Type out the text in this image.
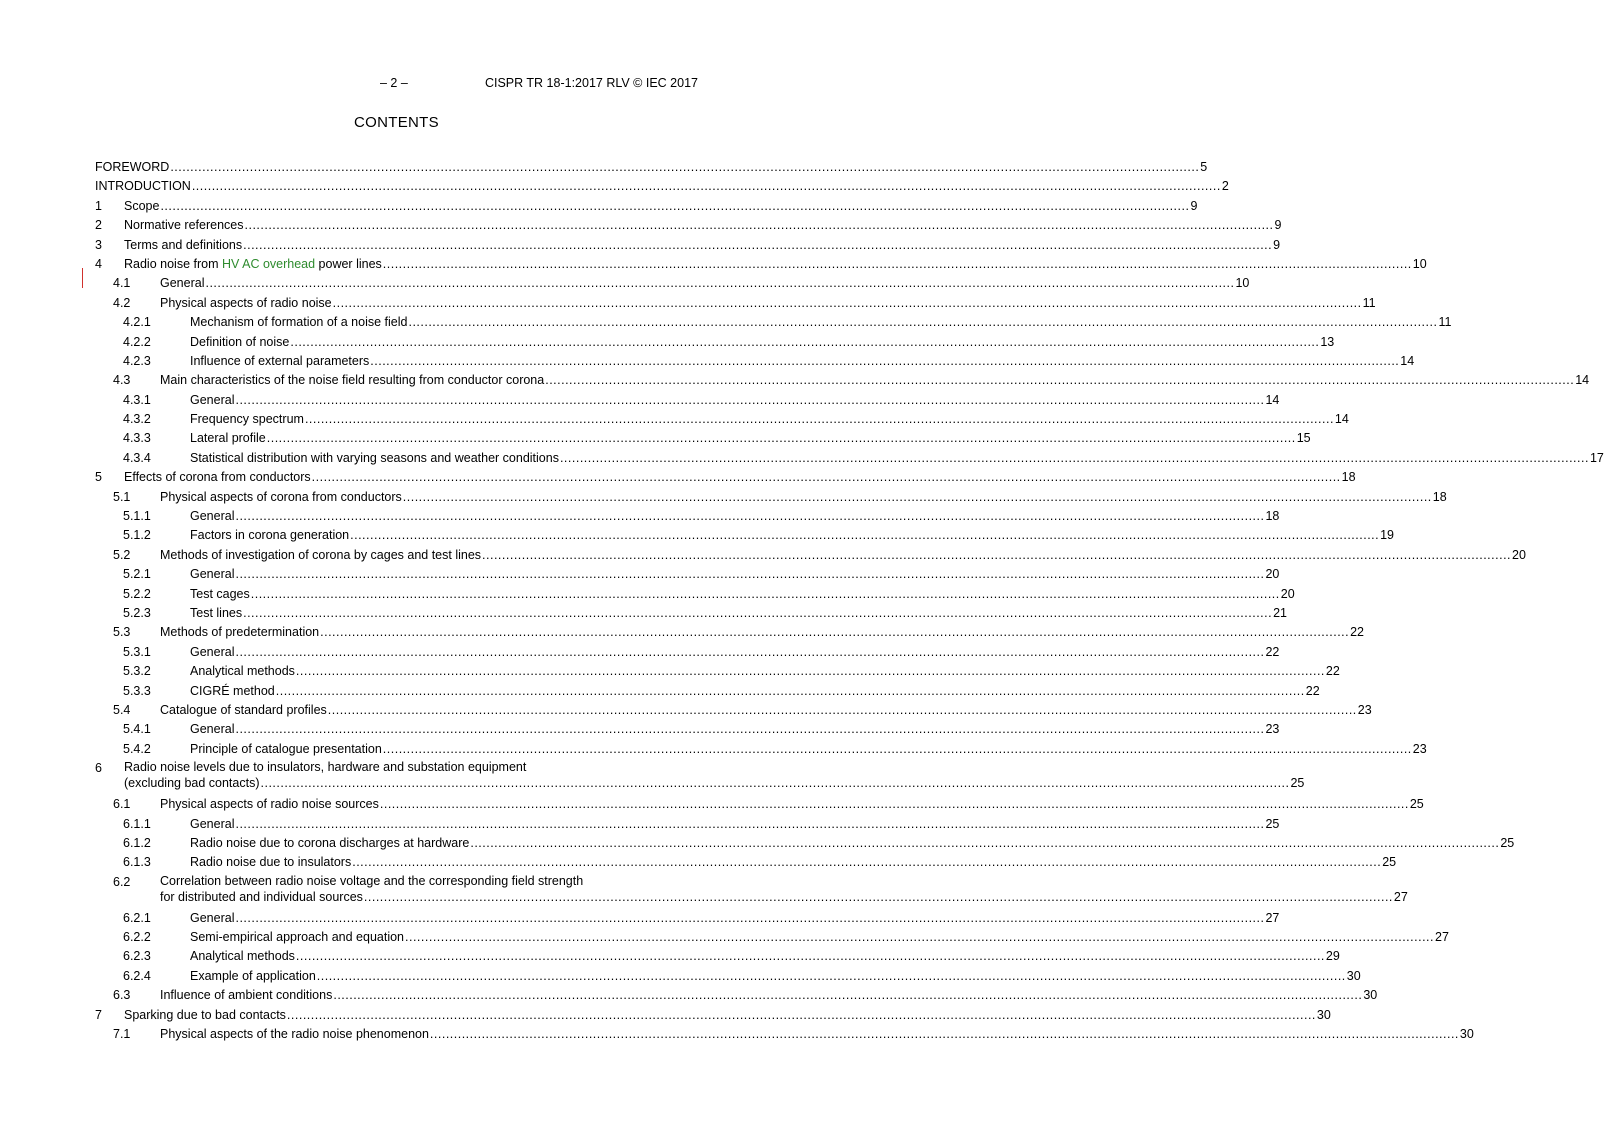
– 2 –	CISPR TR 18-1:2017 RLV © IEC 2017
CONTENTS
FOREWORD .....	5
INTRODUCTION .....	2
1 Scope .....	9
2 Normative references .....	9
3 Terms and definitions .....	9
4 Radio noise from HV AC overhead power lines .....	10
4.1 General .....	10
4.2 Physical aspects of radio noise .....	11
4.2.1	Mechanism of formation of a noise field .....	11
4.2.2	Definition of noise .....	13
4.2.3	Influence of external parameters .....	14
4.3 Main characteristics of the noise field resulting from conductor corona .....	14
4.3.1	General .....	14
4.3.2	Frequency spectrum .....	14
4.3.3	Lateral profile .....	15
4.3.4	Statistical distribution with varying seasons and weather conditions .....	17
5 Effects of corona from conductors .....	18
5.1 Physical aspects of corona from conductors .....	18
5.1.1	General .....	18
5.1.2	Factors in corona generation .....	19
5.2 Methods of investigation of corona by cages and test lines .....	20
5.2.1	General .....	20
5.2.2	Test cages .....	20
5.2.3	Test lines .....	21
5.3 Methods of predetermination .....	22
5.3.1	General .....	22
5.3.2	Analytical methods .....	22
5.3.3	CIGRÉ method .....	22
5.4 Catalogue of standard profiles .....	23
5.4.1	General .....	23
5.4.2	Principle of catalogue presentation .....	23
6 Radio noise levels due to insulators, hardware and substation equipment
(excluding bad contacts) .....	25
6.1 Physical aspects of radio noise sources .....	25
6.1.1	General .....	25
6.1.2	Radio noise due to corona discharges at hardware .....	25
6.1.3	Radio noise due to insulators .....	25
6.2 Correlation between radio noise voltage and the corresponding field strength
for distributed and individual sources .....	27
6.2.1	General .....	27
6.2.2	Semi-empirical approach and equation .....	27
6.2.3	Analytical methods .....	29
6.2.4	Example of application .....	30
6.3 Influence of ambient conditions .....	30
7 Sparking due to bad contacts .....	30
7.1 Physical aspects of the radio noise phenomenon .....	30
